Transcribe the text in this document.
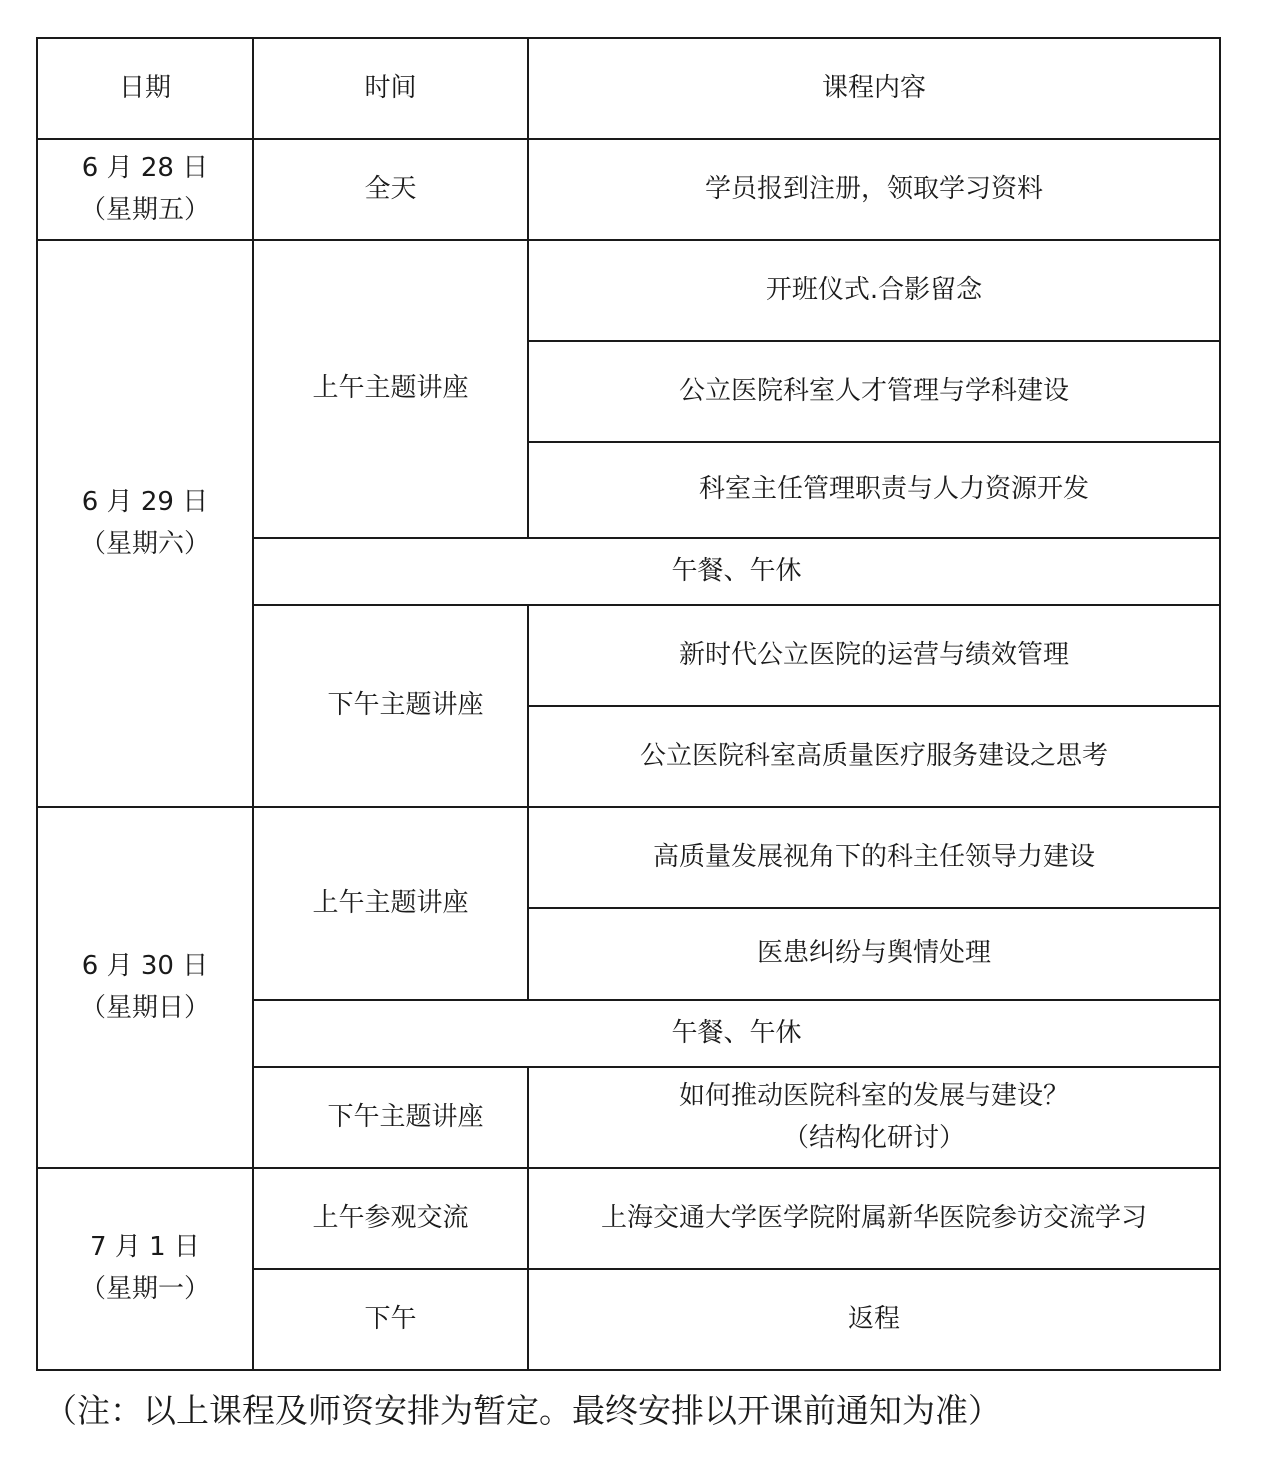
日期	时间	课程内容

6 月 28 日
（星期五）	全天	学员报到注册，领取学习资料

6 月 29 日
（星期六）	上午主题讲座	开班仪式.合影留念
		公立医院科室人才管理与学科建设
		科室主任管理职责与人力资源开发
	午餐、午休	
	下午主题讲座	新时代公立医院的运营与绩效管理
		公立医院科室高质量医疗服务建设之思考

6 月 30 日
（星期日）	上午主题讲座	高质量发展视角下的科主任领导力建设
		医患纠纷与舆情处理
	午餐、午休	
	下午主题讲座	如何推动医院科室的发展与建设？
（结构化研讨）

7 月 1 日
（星期一）	上午参观交流	上海交通大学医学院附属新华医院参访交流学习
	下午	返程
（注：以上课程及师资安排为暂定。最终安排以开课前通知为准）
